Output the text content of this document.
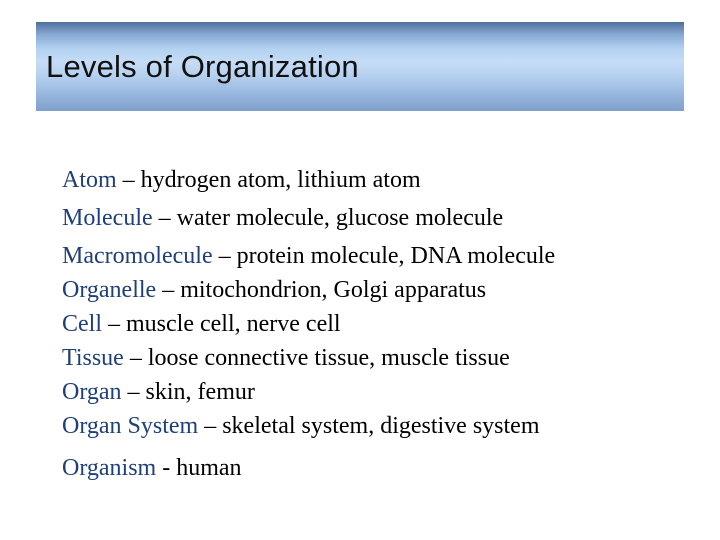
Levels of Organization
Atom – hydrogen atom, lithium atom
Molecule – water molecule, glucose molecule
Macromolecule – protein molecule, DNA molecule
Organelle – mitochondrion, Golgi apparatus
Cell – muscle cell, nerve cell
Tissue – loose connective tissue, muscle tissue
Organ – skin, femur
Organ System – skeletal system, digestive system
Organism - human
